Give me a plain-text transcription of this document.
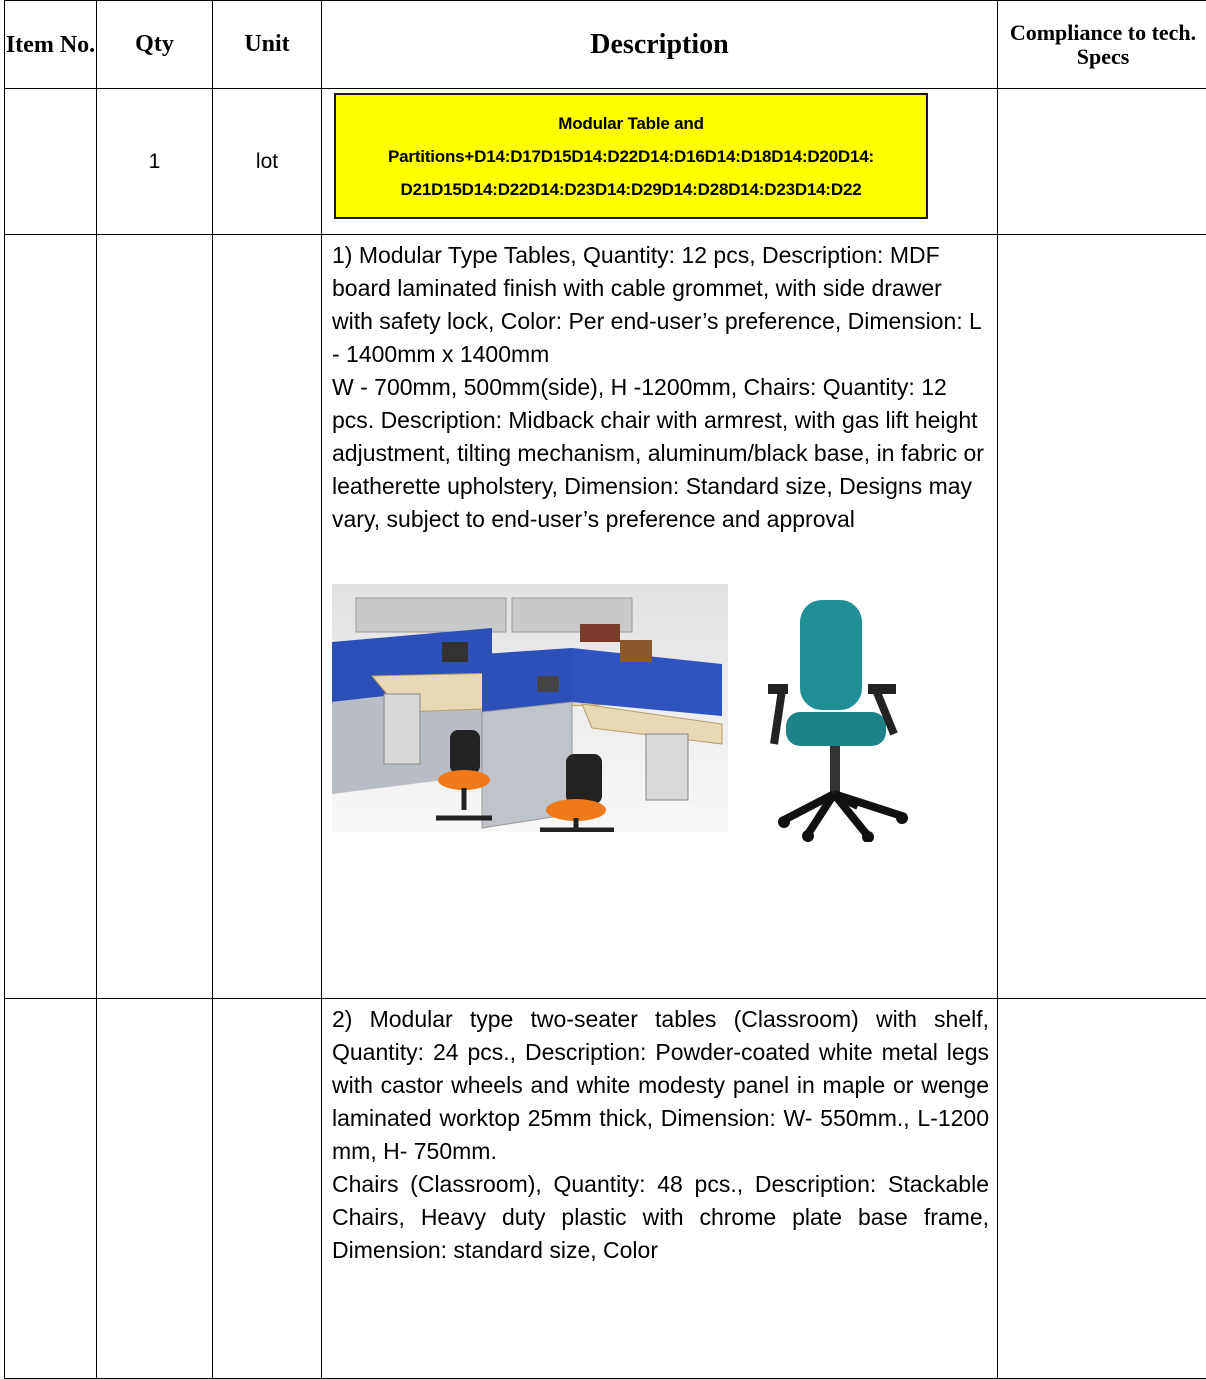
Item No.	Qty	Unit	Description	Compliance to tech. Specs
	1	lot	Modular Table and
Partitions+D14:D17D15D14:D22D14:D16D14:D18D14:D20D14:
D21D15D14:D22D14:D23D14:D29D14:D28D14:D23D14:D22	

			1) Modular Type Tables, Quantity: 12 pcs, Description: MDF board laminated finish with cable grommet, with side drawer with safety lock, Color: Per end-user’s preference, Dimension: L - 1400mm x 1400mm

W - 700mm, 500mm(side), H -1200mm, Chairs: Quantity: 12 pcs. Description: Midback chair with armrest, with gas lift height adjustment, tilting mechanism, aluminum/black base, in fabric or leatherette upholstery, Dimension: Standard size, Designs may vary, subject to end-user’s preference and approval	

			2) Modular type two-seater tables (Classroom) with shelf, Quantity: 24 pcs., Description: Powder-coated white metal legs with castor wheels and white modesty panel in maple or wenge laminated worktop 25mm thick, Dimension: W- 550mm., L-1200 mm, H- 750mm.

Chairs (Classroom), Quantity: 48 pcs., Description: Stackable Chairs, Heavy duty plastic with chrome plate base frame, Dimension: standard size, Color	
